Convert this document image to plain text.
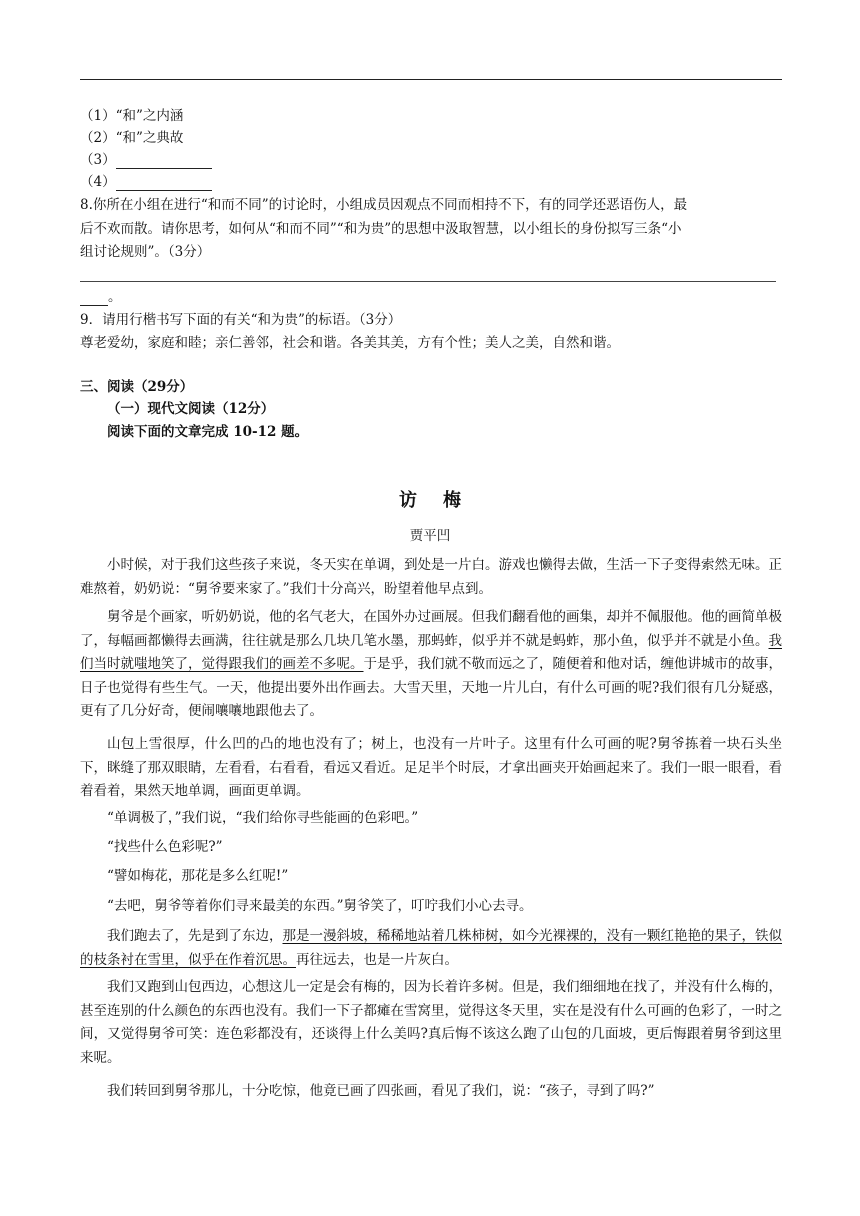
（1）“和”之内涵
（2）“和”之典故
（3）
（4）
8.你所在小组在进行“和而不同”的讨论时，小组成员因观点不同而相持不下，有的同学还恶语伤人，最
后不欢而散。请你思考，如何从“和而不同”“和为贵”的思想中汲取智慧，以小组长的身份拟写三条“小
组讨论规则”。（3分）
。
9．请用行楷书写下面的有关“和为贵”的标语。（3分）
尊老爱幼，家庭和睦；亲仁善邻，社会和谐。各美其美，方有个性；美人之美，自然和谐。
三、阅读（29分）
（一）现代文阅读（12分）
阅读下面的文章完成 10-12 题。
访梅
贾平凹
小时候，对于我们这些孩子来说，冬天实在单调，到处是一片白。游戏也懒得去做，生活一下子变得索然无味。正难熬着，奶奶说：“舅爷要来家了。”我们十分高兴，盼望着他早点到。
舅爷是个画家，听奶奶说，他的名气老大，在国外办过画展。但我们翻看他的画集，却并不佩服他。他的画简单极了，每幅画都懒得去画满，往往就是那么几块几笔水墨，那蚂蚱，似乎并不就是蚂蚱，那小鱼，似乎并不就是小鱼。我们当时就嗤地笑了，觉得跟我们的画差不多呢。于是乎，我们就不敬而远之了，随便着和他对话，缠他讲城市的故事，日子也觉得有些生气。一天，他提出要外出作画去。大雪天里，天地一片儿白，有什么可画的呢?我们很有几分疑惑，更有了几分好奇，便闹嚷嚷地跟他去了。
山包上雪很厚，什么凹的凸的地也没有了；树上，也没有一片叶子。这里有什么可画的呢?舅爷拣着一块石头坐下，眯缝了那双眼睛，左看看，右看看，看远又看近。足足半个时辰，才拿出画夹开始画起来了。我们一眼一眼看，看着看着，果然天地单调，画面更单调。
“单调极了，”我们说，“我们给你寻些能画的色彩吧。”
“找些什么色彩呢?”
“譬如梅花，那花是多么红呢!”
“去吧，舅爷等着你们寻来最美的东西。”舅爷笑了，叮咛我们小心去寻。
我们跑去了，先是到了东边，那是一漫斜坡，稀稀地站着几株柿树，如今光裸裸的，没有一颗红艳艳的果子，铁似的枝条衬在雪里，似乎在作着沉思。再往远去，也是一片灰白。
我们又跑到山包西边，心想这儿一定是会有梅的，因为长着许多树。但是，我们细细地在找了，并没有什么梅的，甚至连别的什么颜色的东西也没有。我们一下子都瘫在雪窝里，觉得这冬天里，实在是没有什么可画的色彩了，一时之间，又觉得舅爷可笑：连色彩都没有，还谈得上什么美吗?真后悔不该这么跑了山包的几面坡，更后悔跟着舅爷到这里来呢。
我们转回到舅爷那儿，十分吃惊，他竟已画了四张画，看见了我们，说：“孩子，寻到了吗?”
